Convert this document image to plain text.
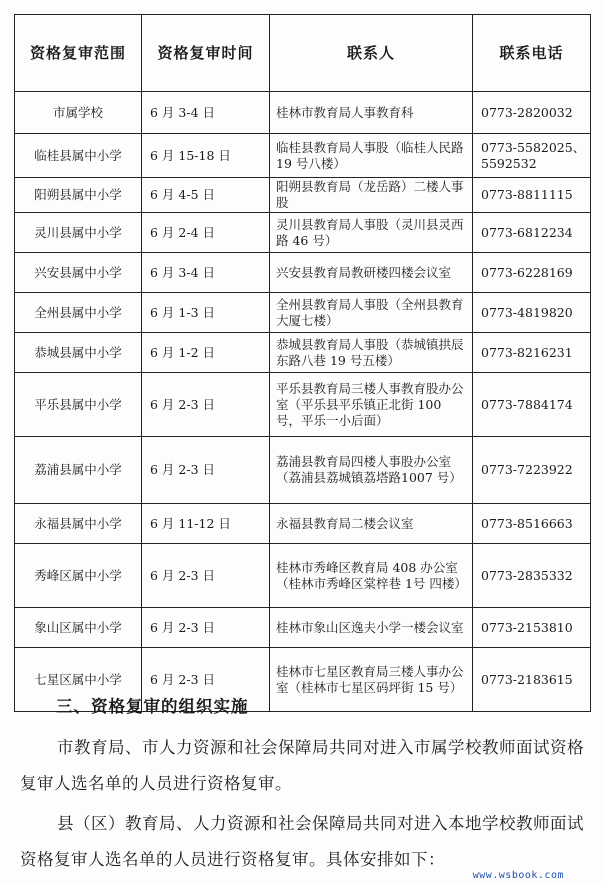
资格复审范围	资格复审时间	联系人	联系电话
市属学校	6 月 3-4 日	桂林市教育局人事教育科	0773-2820032
临桂县属中小学	6 月 15-18 日	临桂县教育局人事股（临桂人民路 19 号八楼）	0773-5582025、5592532
阳朔县属中小学	6 月 4-5 日	阳朔县教育局（龙岳路）二楼人事股	0773-8811115
灵川县属中小学	6 月 2-4 日	灵川县教育局人事股（灵川县灵西路 46 号）	0773-6812234
兴安县属中小学	6 月 3-4 日	兴安县教育局教研楼四楼会议室	0773-6228169
全州县属中小学	6 月 1-3 日	全州县教育局人事股（全州县教育大厦七楼）	0773-4819820
恭城县属中小学	6 月 1-2 日	恭城县教育局人事股（恭城镇拱辰东路八巷 19 号五楼）	0773-8216231
平乐县属中小学	6 月 2-3 日	平乐县教育局三楼人事教育股办公室（平乐县平乐镇正北街 100 号，平乐一小后面）	0773-7884174
荔浦县属中小学	6 月 2-3 日	荔浦县教育局四楼人事股办公室（荔浦县荔城镇荔塔路1007 号）	0773-7223922
永福县属中小学	6 月 11-12 日	永福县教育局二楼会议室	0773-8516663
秀峰区属中小学	6 月 2-3 日	桂林市秀峰区教育局 408 办公室（桂林市秀峰区棠梓巷 1号 四楼）	0773-2835332
象山区属中小学	6 月 2-3 日	桂林市象山区逸夫小学一楼会议室	0773-2153810
七星区属中小学	6 月 2-3 日	桂林市七星区教育局三楼人事办公室（桂林市七星区码坪街 15 号）	0773-2183615
三、资格复审的组织实施
市教育局、市人力资源和社会保障局共同对进入市属学校教师面试资格复审人选名单的人员进行资格复审。
县（区）教育局、人力资源和社会保障局共同对进入本地学校教师面试资格复审人选名单的人员进行资格复审。具体安排如下：
www.wsbook.com
